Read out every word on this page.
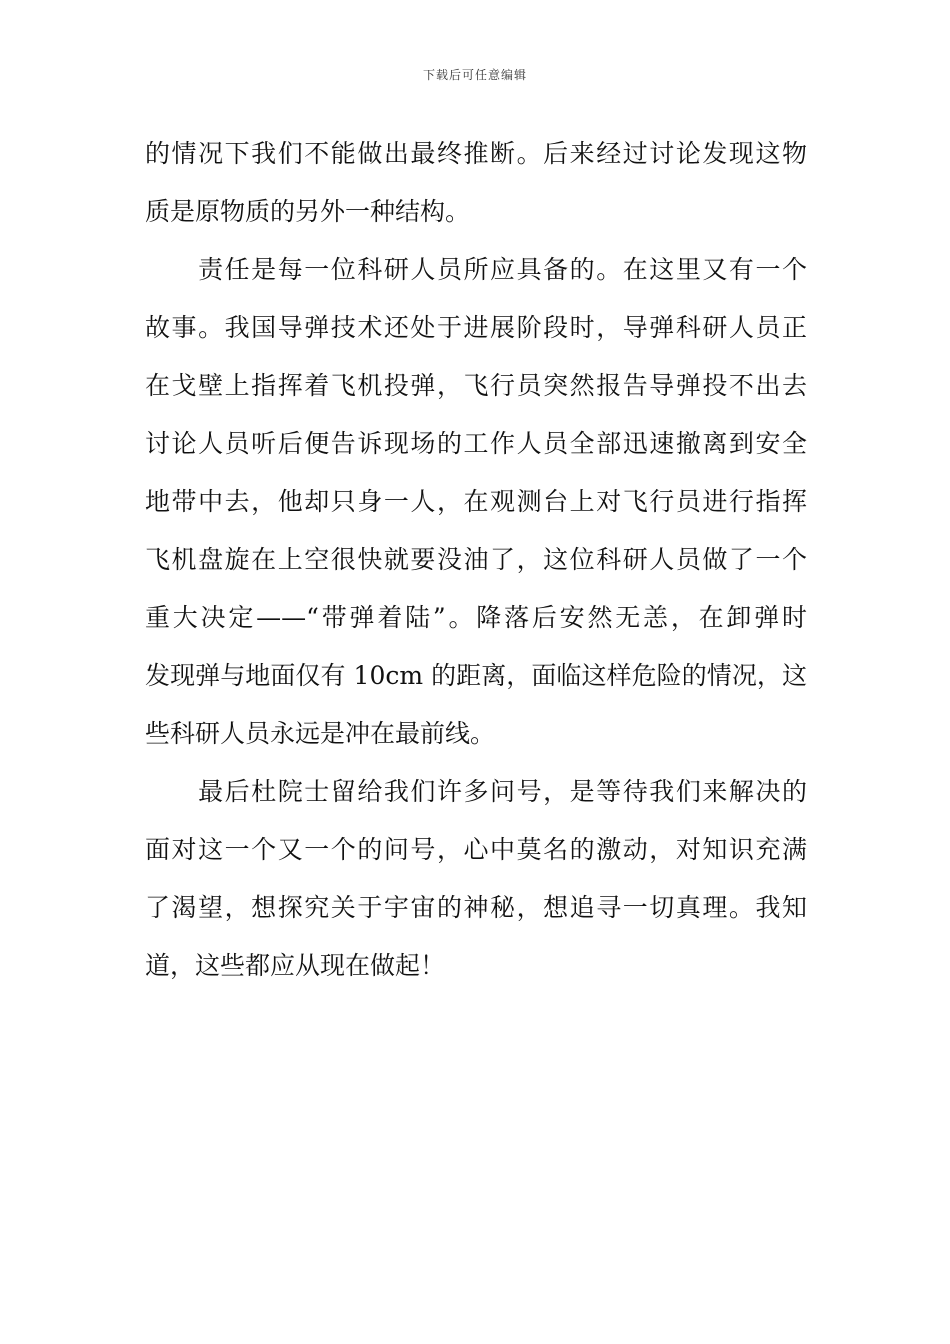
下载后可任意编辑
的情况下我们不能做出最终推断。后来经过讨论发现这物
质是原物质的另外一种结构。
　　责任是每一位科研人员所应具备的。在这里又有一个
故事。我国导弹技术还处于进展阶段时，导弹科研人员正
在戈壁上指挥着飞机投弹，飞行员突然报告导弹投不出去
讨论人员听后便告诉现场的工作人员全部迅速撤离到安全
地带中去，他却只身一人，在观测台上对飞行员进行指挥
飞机盘旋在上空很快就要没油了，这位科研人员做了一个
重大决定——“带弹着陆”。降落后安然无恙，在卸弹时
发现弹与地面仅有 10cm 的距离，面临这样危险的情况，这
些科研人员永远是冲在最前线。
　　最后杜院士留给我们许多问号，是等待我们来解决的
面对这一个又一个的问号，心中莫名的激动，对知识充满
了渴望，想探究关于宇宙的神秘，想追寻一切真理。我知
道，这些都应从现在做起！
